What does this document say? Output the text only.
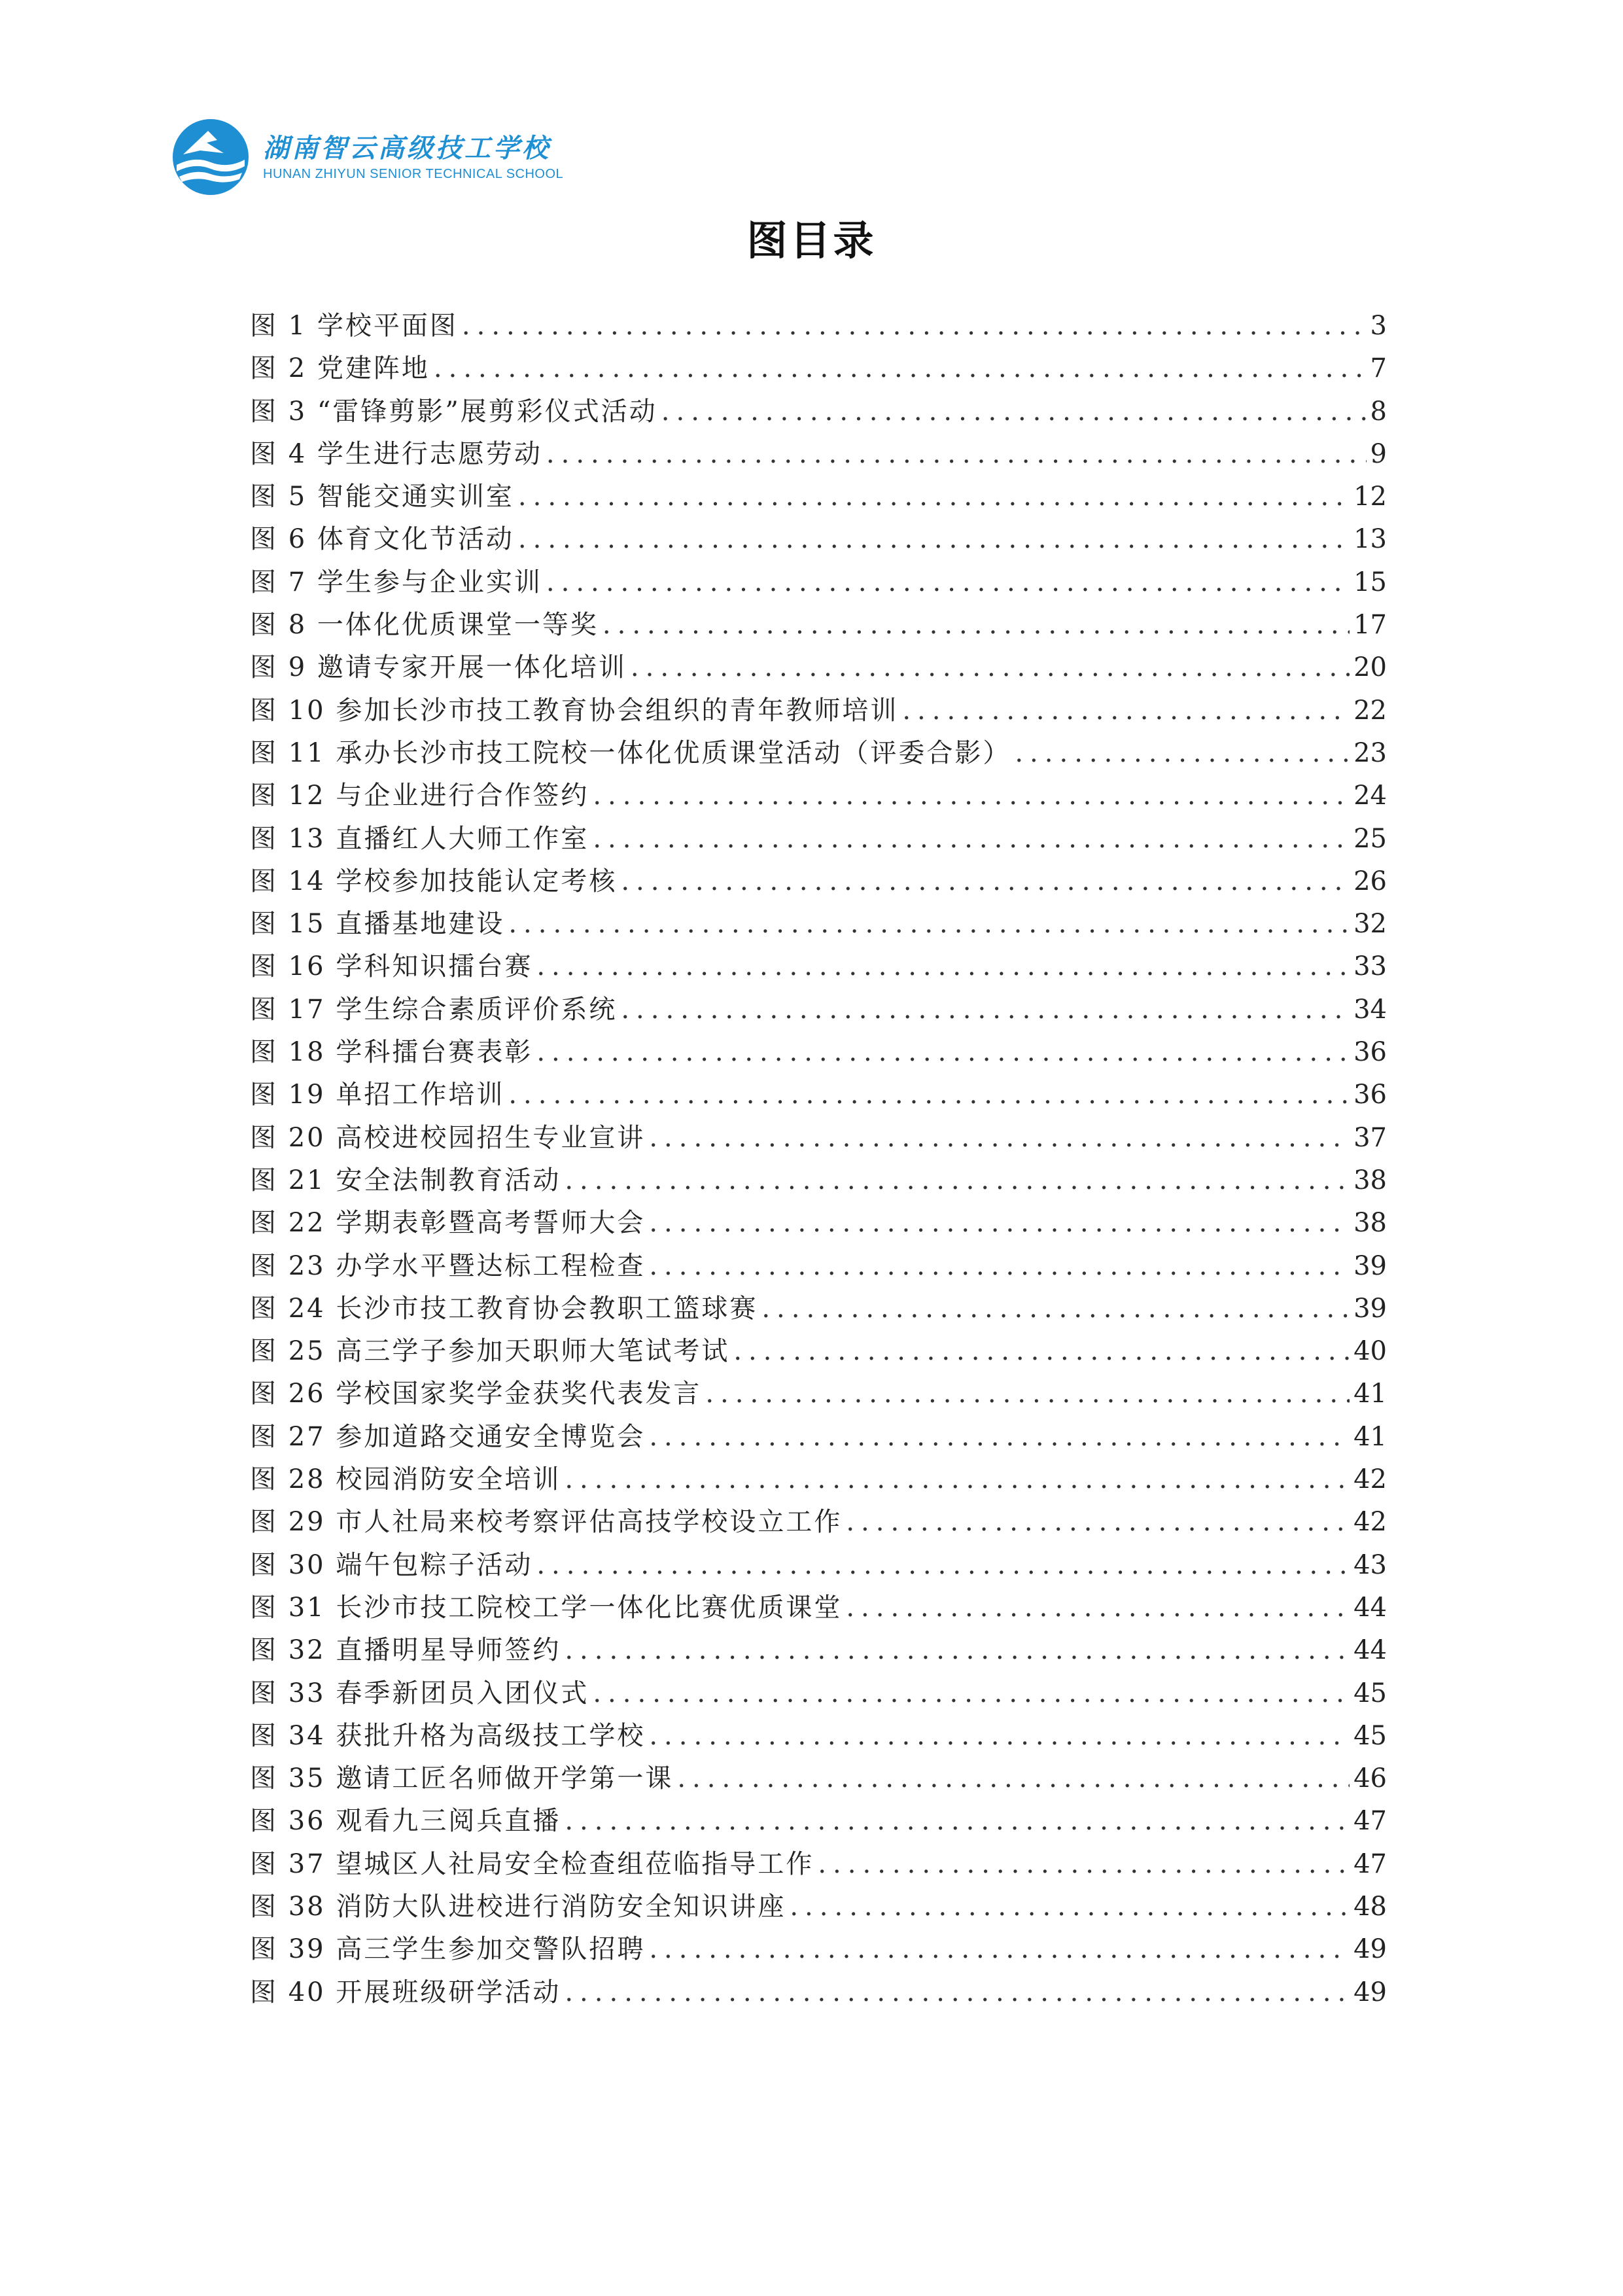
湖南智云高级技工学校
HUNAN ZHIYUN SENIOR TECHNICAL SCHOOL
图目录
图 1 学校平面图 .....	3
图 2 党建阵地 .....	7
图 3 “雷锋剪影”展剪彩仪式活动 .....	8
图 4 学生进行志愿劳动 .....	9
图 5 智能交通实训室 .....	12
图 6 体育文化节活动 .....	13
图 7 学生参与企业实训 .....	15
图 8 一体化优质课堂一等奖 .....	17
图 9 邀请专家开展一体化培训 .....	20
图 10 参加长沙市技工教育协会组织的青年教师培训 .....	22
图 11 承办长沙市技工院校一体化优质课堂活动（评委合影） .....	23
图 12 与企业进行合作签约 .....	24
图 13 直播红人大师工作室 .....	25
图 14 学校参加技能认定考核 .....	26
图 15 直播基地建设 .....	32
图 16 学科知识擂台赛 .....	33
图 17 学生综合素质评价系统 .....	34
图 18 学科擂台赛表彰 .....	36
图 19 单招工作培训 .....	36
图 20 高校进校园招生专业宣讲 .....	37
图 21 安全法制教育活动 .....	38
图 22 学期表彰暨高考誓师大会 .....	38
图 23 办学水平暨达标工程检查 .....	39
图 24 长沙市技工教育协会教职工篮球赛 .....	39
图 25 高三学子参加天职师大笔试考试 .....	40
图 26 学校国家奖学金获奖代表发言 .....	41
图 27 参加道路交通安全博览会 .....	41
图 28 校园消防安全培训 .....	42
图 29 市人社局来校考察评估高技学校设立工作 .....	42
图 30 端午包粽子活动 .....	43
图 31 长沙市技工院校工学一体化比赛优质课堂 .....	44
图 32 直播明星导师签约 .....	44
图 33 春季新团员入团仪式 .....	45
图 34 获批升格为高级技工学校 .....	45
图 35 邀请工匠名师做开学第一课 .....	46
图 36 观看九三阅兵直播 .....	47
图 37 望城区人社局安全检查组莅临指导工作 .....	47
图 38 消防大队进校进行消防安全知识讲座 .....	48
图 39 高三学生参加交警队招聘 .....	49
图 40 开展班级研学活动 .....	49
